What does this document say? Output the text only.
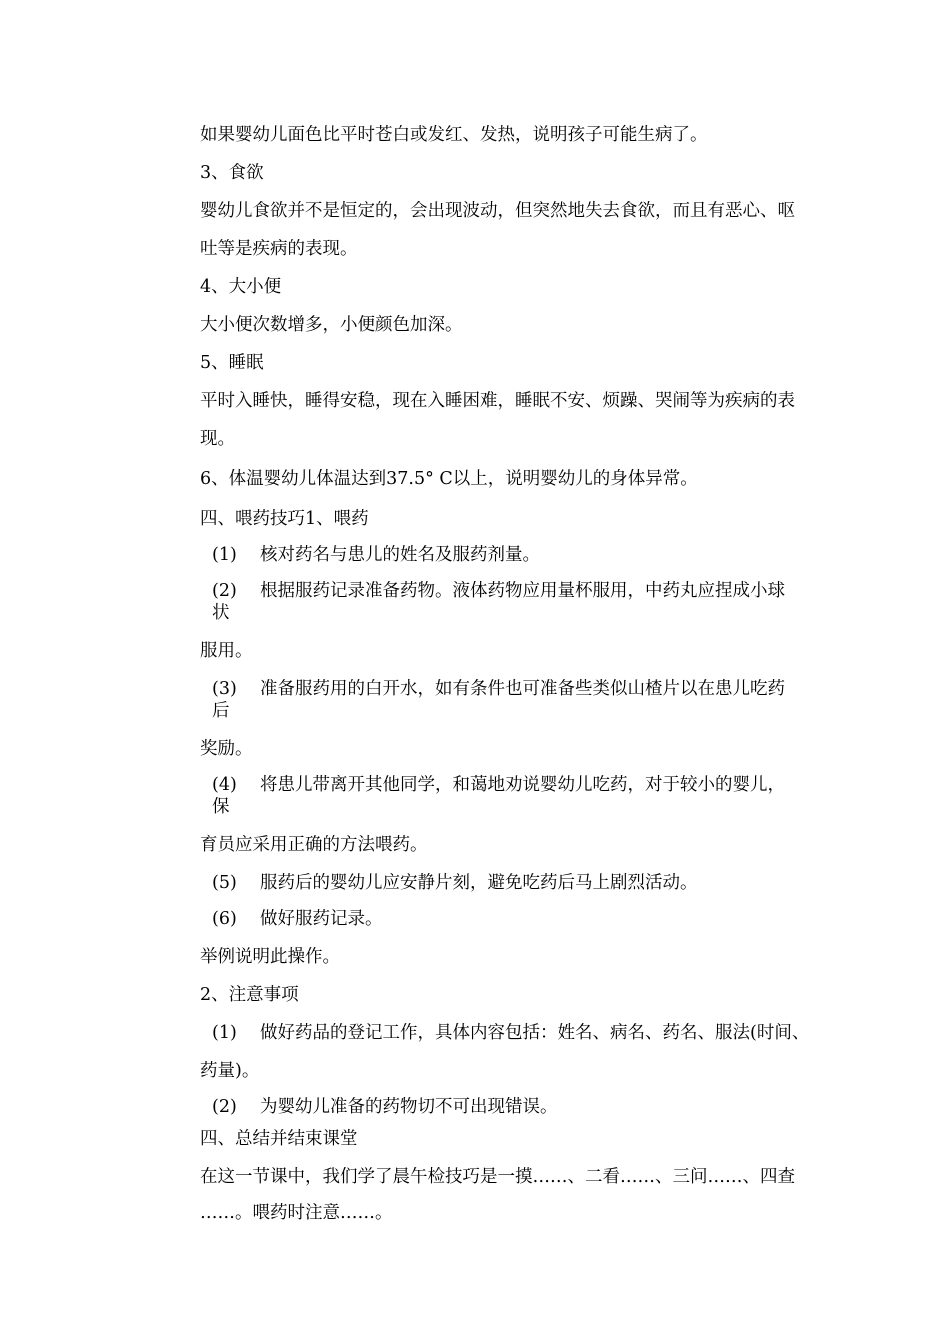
如果婴幼儿面色比平时苍白或发红、发热，说明孩子可能生病了。
3、食欲
婴幼儿食欲并不是恒定的，会出现波动，但突然地失去食欲，而且有恶心、呕
吐等是疾病的表现。
4、大小便
大小便次数增多，小便颜色加深。
5、睡眠
平时入睡快，睡得安稳，现在入睡困难，睡眠不安、烦躁、哭闹等为疾病的表
现。
6、体温婴幼儿体温达到37.5° C以上，说明婴幼儿的身体异常。
四、喂药技巧1、喂药
(1) 核对药名与患儿的姓名及服药剂量。
(2) 根据服药记录准备药物。液体药物应用量杯服用，中药丸应捏成小球
状
服用。
(3) 准备服药用的白开水，如有条件也可准备些类似山楂片以在患儿吃药
后
奖励。
(4) 将患儿带离开其他同学，和蔼地劝说婴幼儿吃药，对于较小的婴儿，
保
育员应采用正确的方法喂药。
(5) 服药后的婴幼儿应安静片刻，避免吃药后马上剧烈活动。
(6) 做好服药记录。
举例说明此操作。
2、注意事项
(1) 做好药品的登记工作，具体内容包括：姓名、病名、药名、服法(时间、
药量)。
(2) 为婴幼儿准备的药物切不可出现错误。
四、总结并结束课堂
在这一节课中，我们学了晨午检技巧是一摸……、二看……、三问……、四查
……。喂药时注意……。
